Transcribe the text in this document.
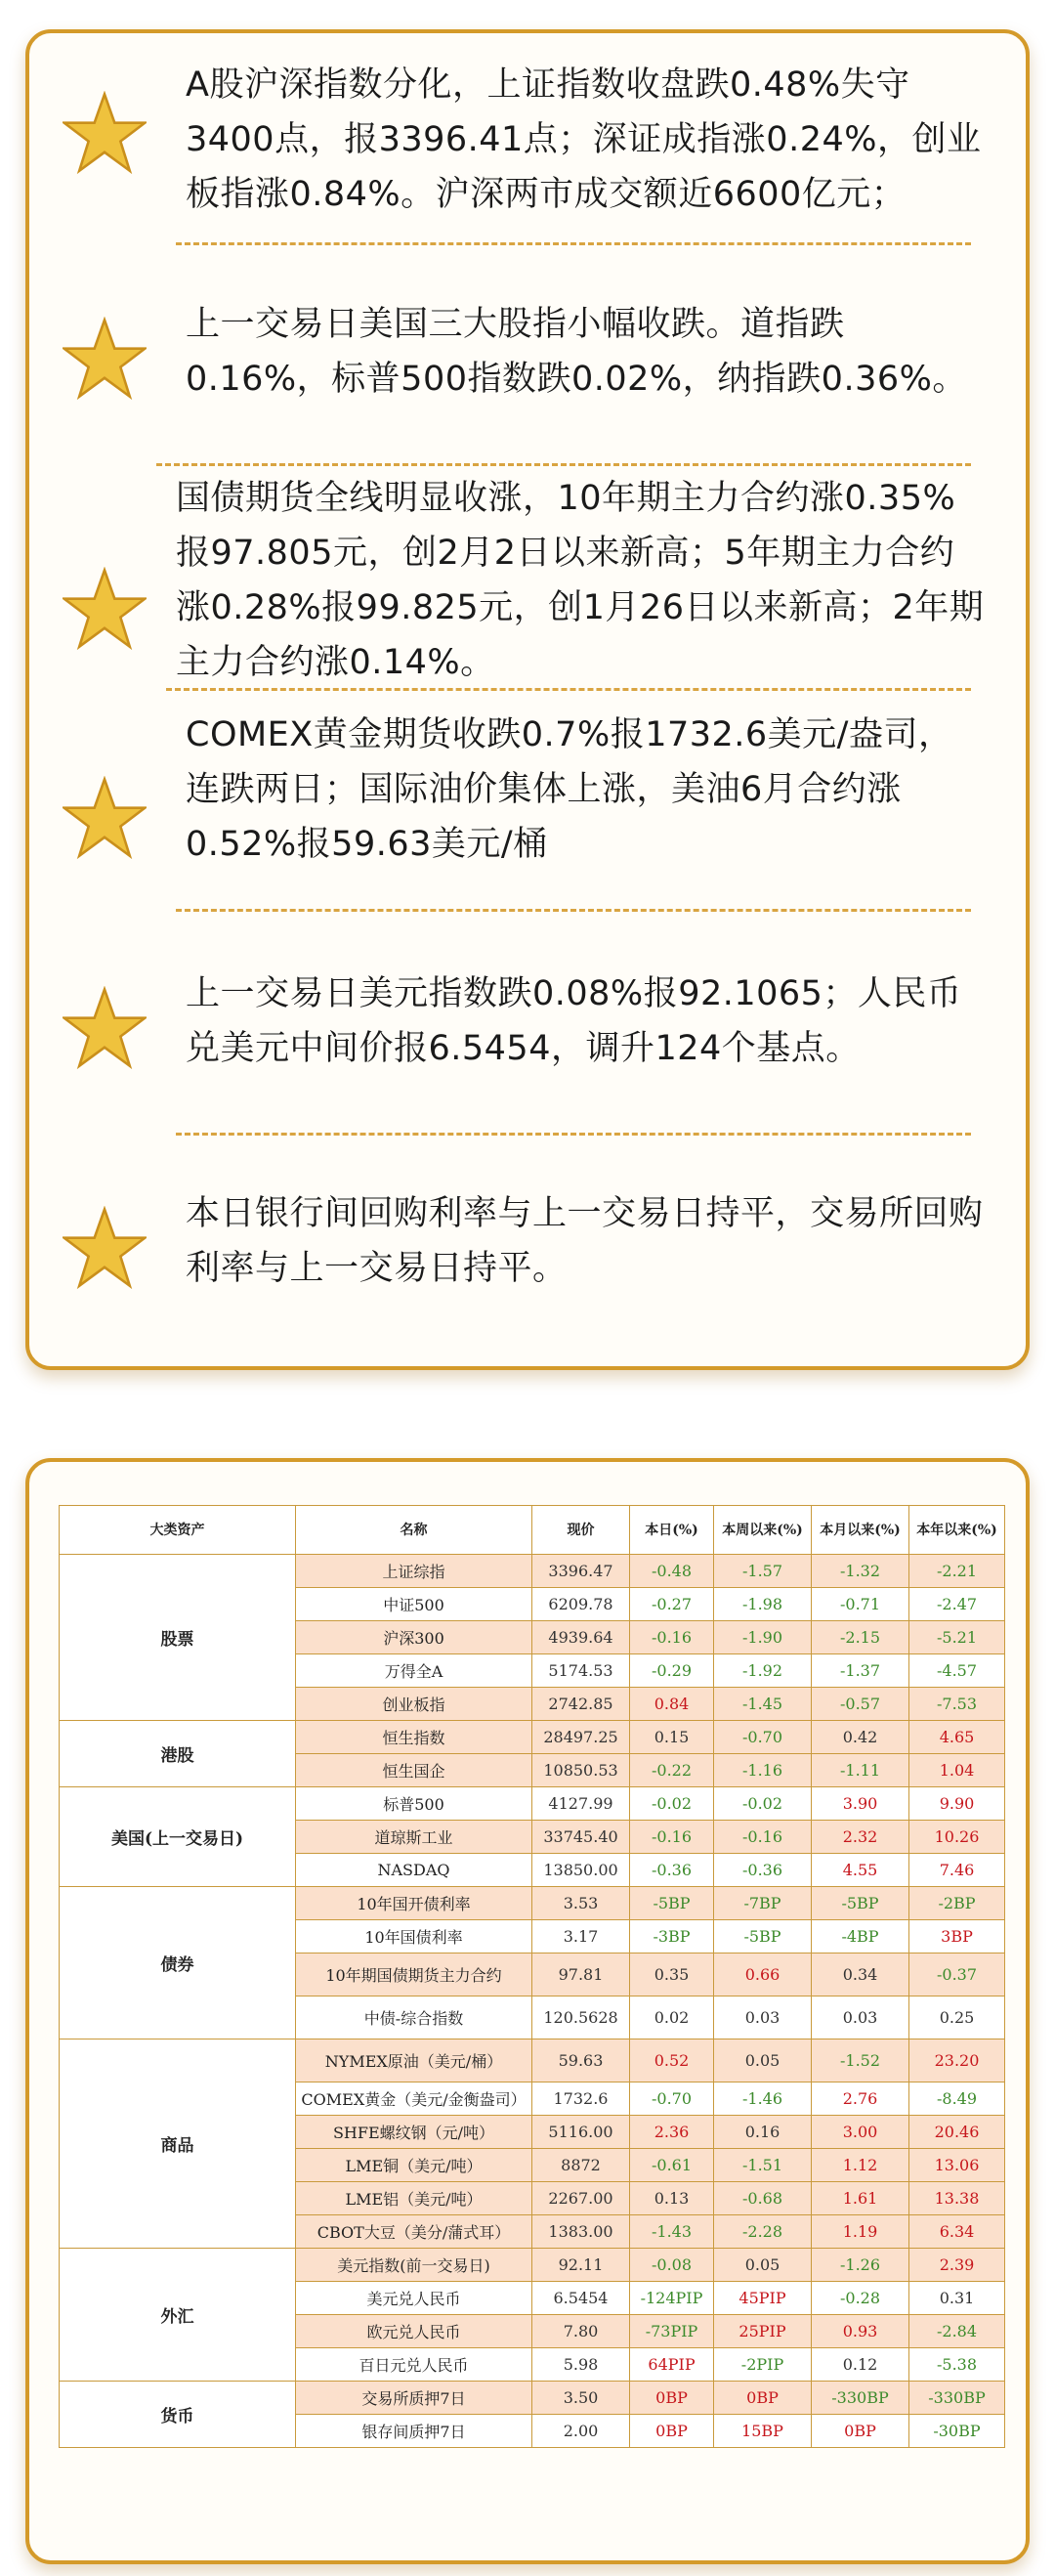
A股沪深指数分化，上证指数收盘跌0.48%失守3400点，报3396.41点；深证成指涨0.24%，创业板指涨0.84%。沪深两市成交额近6600亿元；
上一交易日美国三大股指小幅收跌。道指跌0.16%，标普500指数跌0.02%，纳指跌0.36%。
国债期货全线明显收涨，10年期主力合约涨0.35%报97.805元，创2月2日以来新高；5年期主力合约涨0.28%报99.825元，创1月26日以来新高；2年期主力合约涨0.14%。
COMEX黄金期货收跌0.7%报1732.6美元/盎司，连跌两日；国际油价集体上涨，美油6月合约涨0.52%报59.63美元/桶
上一交易日美元指数跌0.08%报92.1065；人民币兑美元中间价报6.5454，调升124个基点。
本日银行间回购利率与上一交易日持平，交易所回购利率与上一交易日持平。
大类资产	名称	现价	本日(%)	本周以来(%)	本月以来(%)	本年以来(%)
股票	上证综指	3396.47	-0.48	-1.57	-1.32	-2.21
	中证500	6209.78	-0.27	-1.98	-0.71	-2.47
	沪深300	4939.64	-0.16	-1.90	-2.15	-5.21
	万得全A	5174.53	-0.29	-1.92	-1.37	-4.57
	创业板指	2742.85	0.84	-1.45	-0.57	-7.53
港股	恒生指数	28497.25	0.15	-0.70	0.42	4.65
	恒生国企	10850.53	-0.22	-1.16	-1.11	1.04
美国(上一交易日)	标普500	4127.99	-0.02	-0.02	3.90	9.90
	道琼斯工业	33745.40	-0.16	-0.16	2.32	10.26
	NASDAQ	13850.00	-0.36	-0.36	4.55	7.46
债券	10年国开债利率	3.53	-5BP	-7BP	-5BP	-2BP
	10年国债利率	3.17	-3BP	-5BP	-4BP	3BP
	10年期国债期货主力合约	97.81	0.35	0.66	0.34	-0.37
	中债-综合指数	120.5628	0.02	0.03	0.03	0.25
商品	NYMEX原油（美元/桶）	59.63	0.52	0.05	-1.52	23.20
	COMEX黄金（美元/金衡盎司）	1732.6	-0.70	-1.46	2.76	-8.49
	SHFE螺纹钢（元/吨）	5116.00	2.36	0.16	3.00	20.46
	LME铜（美元/吨）	8872	-0.61	-1.51	1.12	13.06
	LME铝（美元/吨）	2267.00	0.13	-0.68	1.61	13.38
	CBOT大豆（美分/蒲式耳）	1383.00	-1.43	-2.28	1.19	6.34
外汇	美元指数(前一交易日)	92.11	-0.08	0.05	-1.26	2.39
	美元兑人民币	6.5454	-124PIP	45PIP	-0.28	0.31
	欧元兑人民币	7.80	-73PIP	25PIP	0.93	-2.84
	百日元兑人民币	5.98	64PIP	-2PIP	0.12	-5.38
货币	交易所质押7日	3.50	0BP	0BP	-330BP	-330BP
	银存间质押7日	2.00	0BP	15BP	0BP	-30BP
